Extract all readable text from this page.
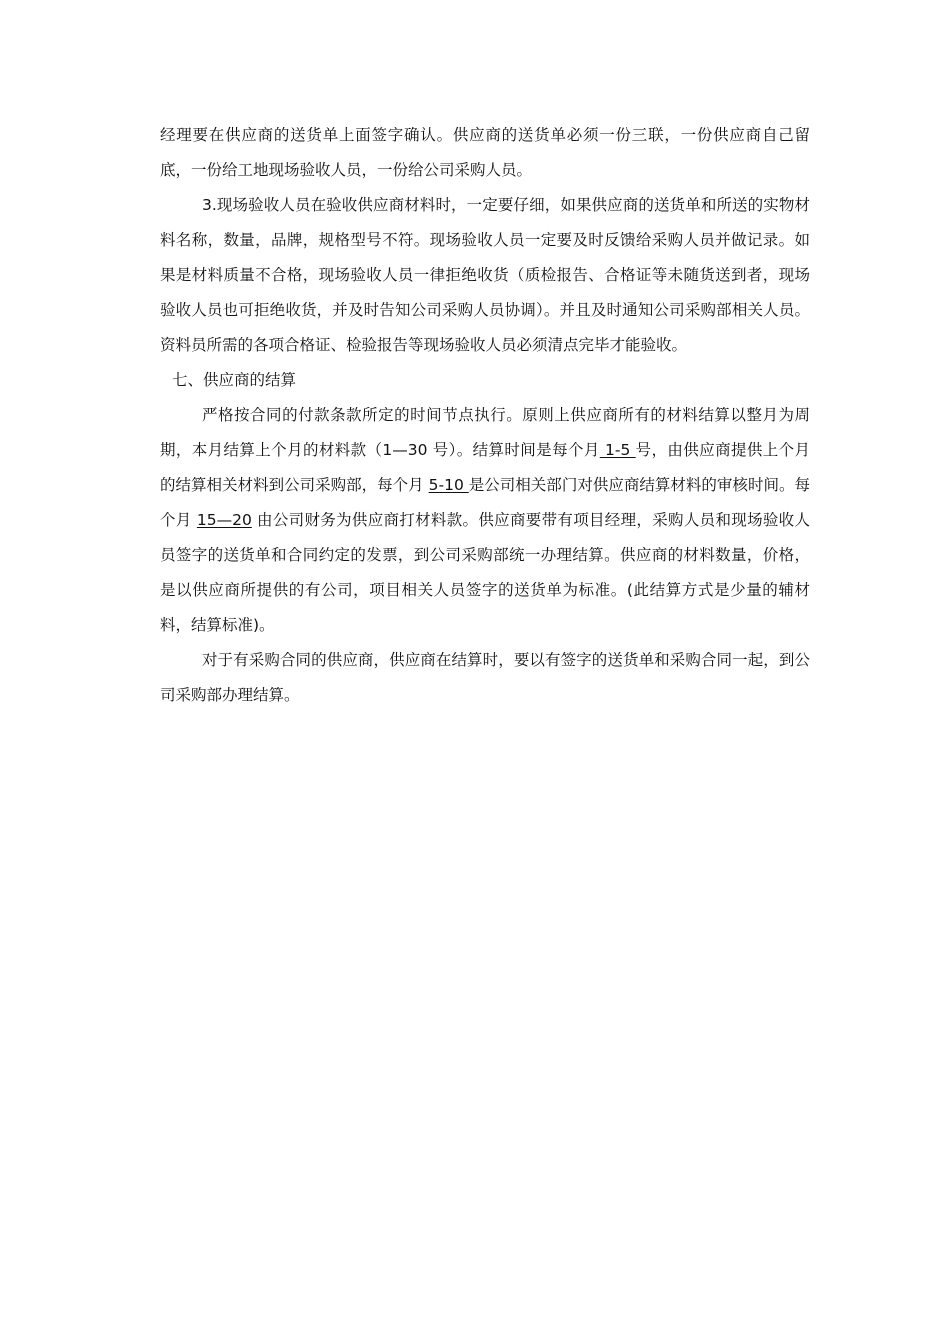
经理要在供应商的送货单上面签字确认。供应商的送货单必须一份三联，一份供应商自己留底，一份给工地现场验收人员，一份给公司采购人员。

3.现场验收人员在验收供应商材料时，一定要仔细，如果供应商的送货单和所送的实物材料名称，数量，品牌，规格型号不符。现场验收人员一定要及时反馈给采购人员并做记录。如果是材料质量不合格，现场验收人员一律拒绝收货（质检报告、合格证等未随货送到者，现场验收人员也可拒绝收货，并及时告知公司采购人员协调）。并且及时通知公司采购部相关人员。资料员所需的各项合格证、检验报告等现场验收人员必须清点完毕才能验收。

七、供应商的结算

严格按合同的付款条款所定的时间节点执行。原则上供应商所有的材料结算以整月为周期，本月结算上个月的材料款（1—30 号）。结算时间是每个月 1-5 号，由供应商提供上个月的结算相关材料到公司采购部，每个月 5-10 是公司相关部门对供应商结算材料的审核时间。每个月 15—20 由公司财务为供应商打材料款。供应商要带有项目经理，采购人员和现场验收人员签字的送货单和合同约定的发票，到公司采购部统一办理结算。供应商的材料数量，价格，是以供应商所提供的有公司，项目相关人员签字的送货单为标准。(此结算方式是少量的辅材料，结算标准)。

对于有采购合同的供应商，供应商在结算时，要以有签字的送货单和采购合同一起，到公司采购部办理结算。
